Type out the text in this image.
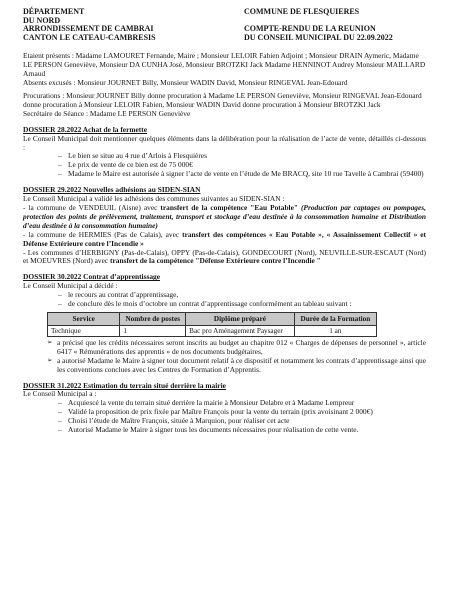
DÉPARTEMENT
DU NORD
ARRONDISSEMENT DE CAMBRAI
CANTON LE CATEAU-CAMBRESIS
COMMUNE DE FLESQUIERES
COMPTE-RENDU DE LA REUNION
DU CONSEIL MUNICIPAL DU 22.09.2022

Etaient présents : Madame LAMOURET Fernande, Maire ; Monsieur LELOIR Fabien Adjoint ; Monsieur DRAIN Aymeric, Madame LE PERSON Geneviève, Monsieur DA CUNHA José, Monsieur BROTZKI Jack Madame HENNINOT Audrey Monsieur MAILLARD Arnaud

Absents excusés : Monsieur JOURNET Billy, Monsieur WADIN David, Monsieur RINGEVAL Jean-Edouard

Procurations : Monsieur JOURNET Billy donne procuration à Madame LE PERSON Geneviève, Monsieur RINGEVAL Jean-Edouard donne procuration à Monsieur LELOIR Fabien, Monsieur WADIN David donne procuration à Monsieur BROTZKI Jack

Secrétaire de Séance : Madame LE PERSON Geneviève

DOSSIER 28.2022 Achat de la fermette

Le Conseil Municipal doit mentionner quelques éléments dans la délibération pour la réalisation de l’acte de vente, détaillés ci-dessous :

– Le bien se situe au 4 rue d’Arlois à Flesquières
– Le prix de vente de ce bien est de 75 000€
– Madame le Maire est autorisée à signer l’acte de vente en l’étude de Me BRACQ, site 10 rue Tavelle à Cambrai (59400)
DOSSIER 29.2022 Nouvelles adhésions au SIDEN-SIAN

Le Conseil Municipal a validé les adhésions des communes suivantes au SIDEN-SIAN :

- la commune de VENDEUIL (Aisne) avec transfert de la compétence "Eau Potable" (Production par captages ou pompages, protection des points de prélèvement, traitement, transport et stockage d’eau destinée à la consommation humaine et Distribution d’eau destinée à la consommation humaine)

- la commune de HERMIES (Pas de Calais), avec transfert des compétences « Eau Potable », « Assainissement Collectif » et Défense Extérieure contre l’Incendie »

- Les communes d’HERBIGNY (Pas-de-Calais), OPPY (Pas-de-Calais), GONDECOURT (Nord), NEUVILLE-SUR-ESCAUT (Nord) et MOEUVRES (Nord) avec transfert de la compétence "Défense Extérieure contre l’Incendie "

DOSSIER 30.2022 Contrat d’apprentissage

Le Conseil Municipal a décidé :

– le recours au contrat d’apprentissage,
– de conclure dès le mois d’octobre un contrat d’apprentissage conformément au tableau suivant :
Service	Nombre de postes	Diplôme préparé	Durée de la Formation
Technique	1	Bac pro Aménagement Paysager	1 an
➢ a précisé que les crédits nécessaires seront inscrits au budget au chapitre 012 « Charges de dépenses de personnel », article 6417 « Rémunérations des apprentis » de nos documents budgétaires,
➢ a autorisé Madame le Maire à signer tout document relatif à ce dispositif et notamment les contrats d’apprentissage ainsi que les conventions conclues avec les Centres de Formation d’Apprentis.
DOSSIER 31.2022 Estimation du terrain situé derrière la mairie

Le Conseil Municipal a :

– Acquiescé la vente du terrain situé derrière la mairie à Monsieur Delabre et à Madame Lempreur
– Validé la proposition de prix fixée par Maître François pour la vente du terrain (prix avoisinant 2 000€)
– Choisi l’étude de Maître François, située à Marquion, pour réaliser cet acte
– Autorisé Madame le Maire à signer tous les documents nécessaires pour réalisation de cette vente.
